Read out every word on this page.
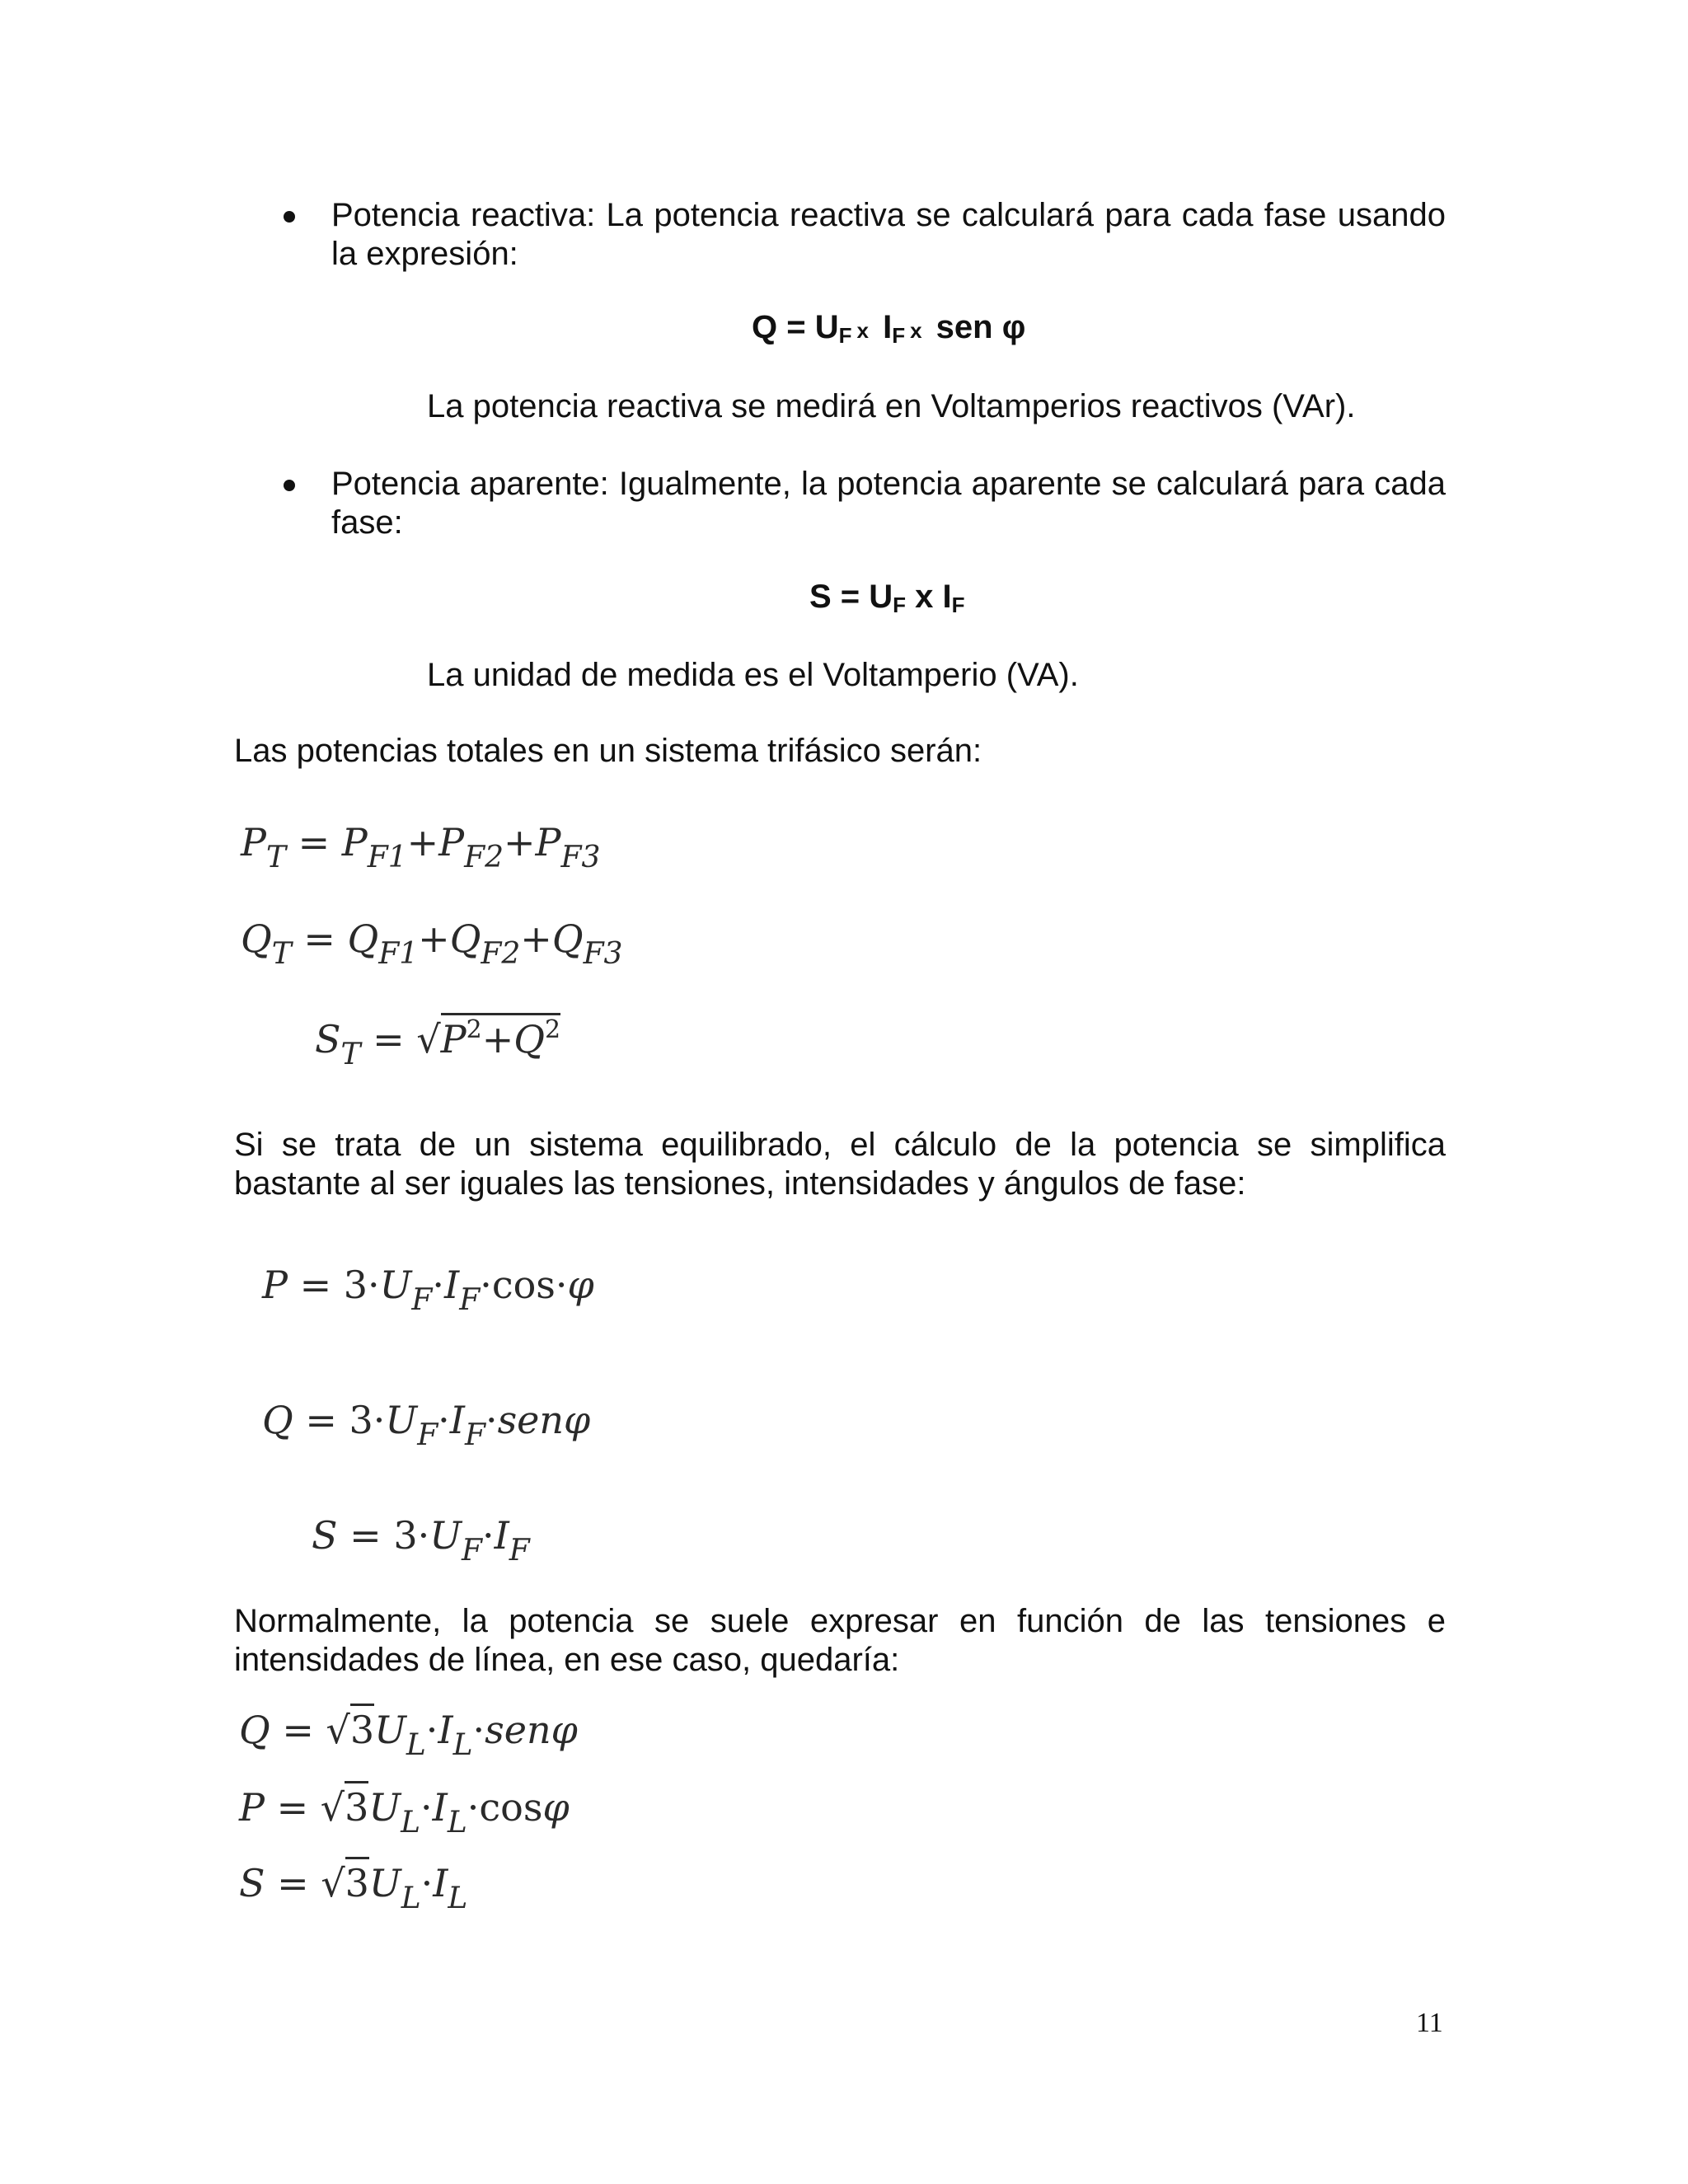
Potencia reactiva: La potencia reactiva se calculará para cada fase usando la expresión:

$Q = U_F$ x $I_F$ x sen φ

La potencia reactiva se medirá en Voltamperios reactivos (VAr).

Potencia aparente: Igualmente, la potencia aparente se calculará para cada fase:

$S = U_F$ x $I_F$

La unidad de medida es el Voltamperio (VA).

Las potencias totales en un sistema trifásico serán:

$P_T = P_{F1}+P_{F2}+P_{F3}$
$Q_T = Q_{F1}+Q_{F2}+Q_{F3}$
$S_T = √P^2+Q^2$

Si se trata de un sistema equilibrado, el cálculo de la potencia se simplifica bastante al ser iguales las tensiones, intensidades y ángulos de fase:

$P = 3\cdot U_F\cdot I_F\cdot\cos\cdot\varphi$
$Q = 3\cdot U_F\cdot I_F\cdot sen\varphi$
$S = 3\cdot U_F\cdot I_F$

Normalmente, la potencia se suele expresar en función de las tensiones e intensidades de línea, en ese caso, quedaría:

$Q = √3U_L\cdot I_L\cdot sen\varphi$
$P = √3U_L\cdot I_L\cdot\cos\varphi$
$S = √3U_L\cdot I_L$
11
